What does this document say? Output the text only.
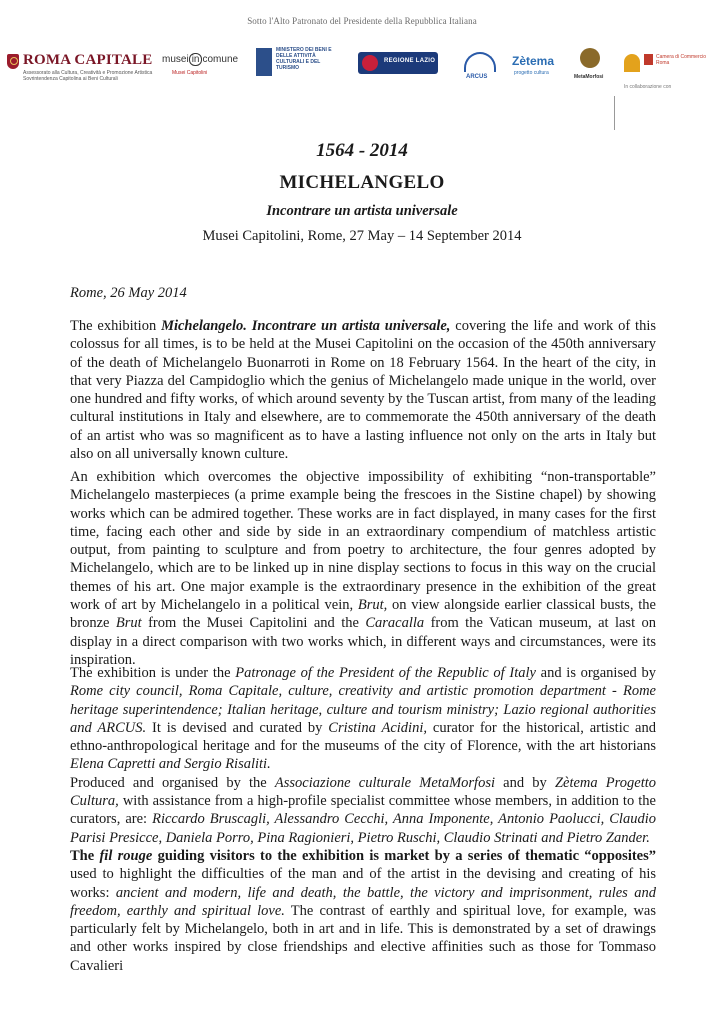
Sotto l'Alto Patronato del Presidente della Repubblica Italiana
ROMA CAPITALE
Assessorato alla Cultura, Creatività e Promozione Artistica Sovrintendenza Capitolina ai Beni Culturali
musei in comune
Musei Capitolini
MINISTERO DEI BENI E DELLE ATTIVITÀ CULTURALI E DEL TURISMO
REGIONE LAZIO
ARCUS
Zètema
progetto cultura
MetaMorfosi
In collaborazione con
Camera di Commercio Roma
1564 - 2014
MICHELANGELO
Incontrare un artista universale
Musei Capitolini, Rome, 27 May – 14 September 2014
Rome, 26 May 2014

The exhibition Michelangelo. Incontrare un artista universale, covering the life and work of this colossus for all times, is to be held at the Musei Capitolini on the occasion of the 450th anniversary of the death of Michelangelo Buonarroti in Rome on 18 February 1564. In the heart of the city, in that very Piazza del Campidoglio which the genius of Michelangelo made unique in the world, over one hundred and fifty works, of which around seventy by the Tuscan artist, from many of the leading cultural institutions in Italy and elsewhere, are to commemorate the 450th anniversary of the death of an artist who was so magnificent as to have a lasting influence not only on the arts in Italy but also on all universally known culture.

An exhibition which overcomes the objective impossibility of exhibiting “non-transportable” Michelangelo masterpieces (a prime example being the frescoes in the Sistine chapel) by showing works which can be admired together. These works are in fact displayed, in many cases for the first time, facing each other and side by side in an extraordinary compendium of matchless artistic output, from painting to sculpture and from poetry to architecture, the four genres adopted by Michelangelo, which are to be linked up in nine display sections to focus in this way on the crucial themes of his art. One major example is the extraordinary presence in the exhibition of the great work of art by Michelangelo in a political vein, Brut, on view alongside earlier classical busts, the bronze Brut from the Musei Capitolini and the Caracalla from the Vatican museum, at last on display in a direct comparison with two works which, in different ways and circumstances, were its inspiration.

The exhibition is under the Patronage of the President of the Republic of Italy and is organised by Rome city council, Roma Capitale, culture, creativity and artistic promotion department - Rome heritage superintendence; Italian heritage, culture and tourism ministry; Lazio regional authorities and ARCUS. It is devised and curated by Cristina Acidini, curator for the historical, artistic and ethno-anthropological heritage and for the museums of the city of Florence, with the art historians Elena Capretti and Sergio Risaliti.

Produced and organised by the Associazione culturale MetaMorfosi and by Zètema Progetto Cultura, with assistance from a high-profile specialist committee whose members, in addition to the curators, are: Riccardo Bruscagli, Alessandro Cecchi, Anna Imponente, Antonio Paolucci, Claudio Parisi Presicce, Daniela Porro, Pina Ragionieri, Pietro Ruschi, Claudio Strinati and Pietro Zander.

The fil rouge guiding visitors to the exhibition is market by a series of thematic “opposites” used to highlight the difficulties of the man and of the artist in the devising and creating of his works: ancient and modern, life and death, the battle, the victory and imprisonment, rules and freedom, earthly and spiritual love. The contrast of earthly and spiritual love, for example, was particularly felt by Michelangelo, both in art and in life. This is demonstrated by a set of drawings and other works inspired by close friendships and elective affinities such as those for Tommaso Cavalieri
